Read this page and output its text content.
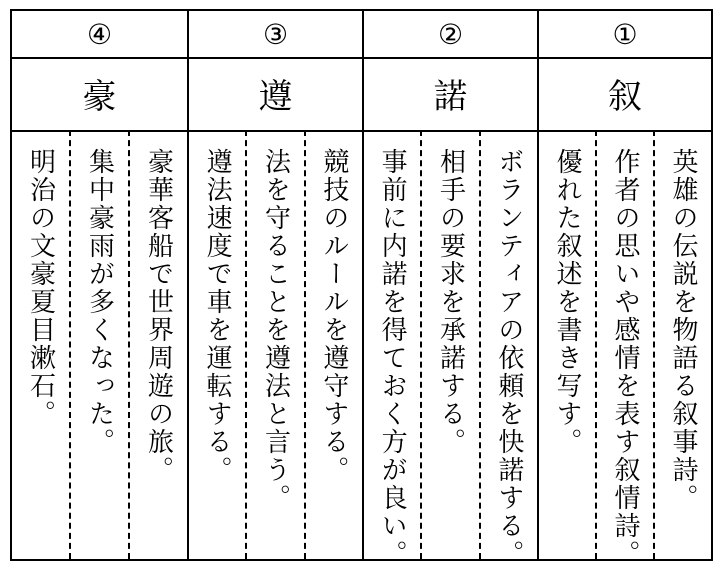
④
豪
豪華客船で世界周遊の旅。
集中豪雨が多くなった。
明治の文豪夏目漱石。
③
遵
競技のルールを遵守する。
法を守ることを遵法と言う。
遵法速度で車を運転する。
②
諾
ボランティアの依頼を快諾する。
相手の要求を承諾する。
事前に内諾を得ておく方が良い。
①
叙
英雄の伝説を物語る叙事詩。
作者の思いや感情を表す叙情詩。
優れた叙述を書き写す。
